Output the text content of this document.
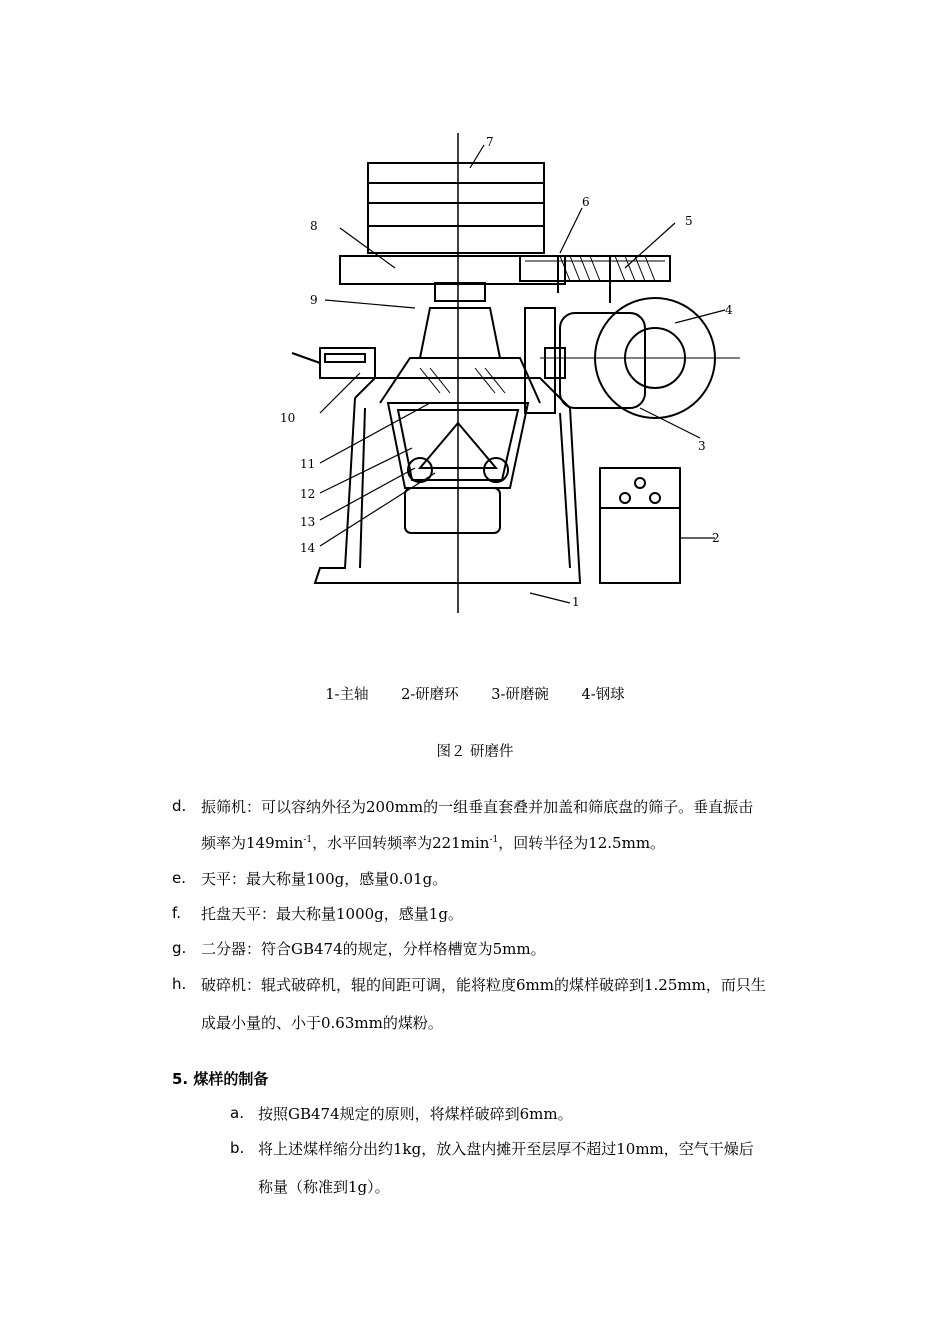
7
8
9
10
11
12
13
14
2
3
4
5
6
1
1-主轴 2-研磨环 3-研磨碗 4-钢球
图２ 研磨件
d. 振筛机：可以容纳外径为200mm的一组垂直套叠并加盖和筛底盘的筛子。垂直振击
频率为$149\min^{-1}$，水平回转频率为$221\min^{-1}$，回转半径为12.5mm。
e. 天平：最大称量100g，感量0.01g。
f. 托盘天平：最大称量1000g，感量1g。
g. 二分器：符合GB474的规定，分样格槽宽为5mm。
h. 破碎机：辊式破碎机，辊的间距可调，能将粒度6mm的煤样破碎到1.25mm，而只生
成最小量的、小于0.63mm的煤粉。
5. 煤样的制备
a. 按照GB474规定的原则，将煤样破碎到6mm。
b. 将上述煤样缩分出约1kg，放入盘内摊开至层厚不超过10mm，空气干燥后
称量（称准到1g）。
